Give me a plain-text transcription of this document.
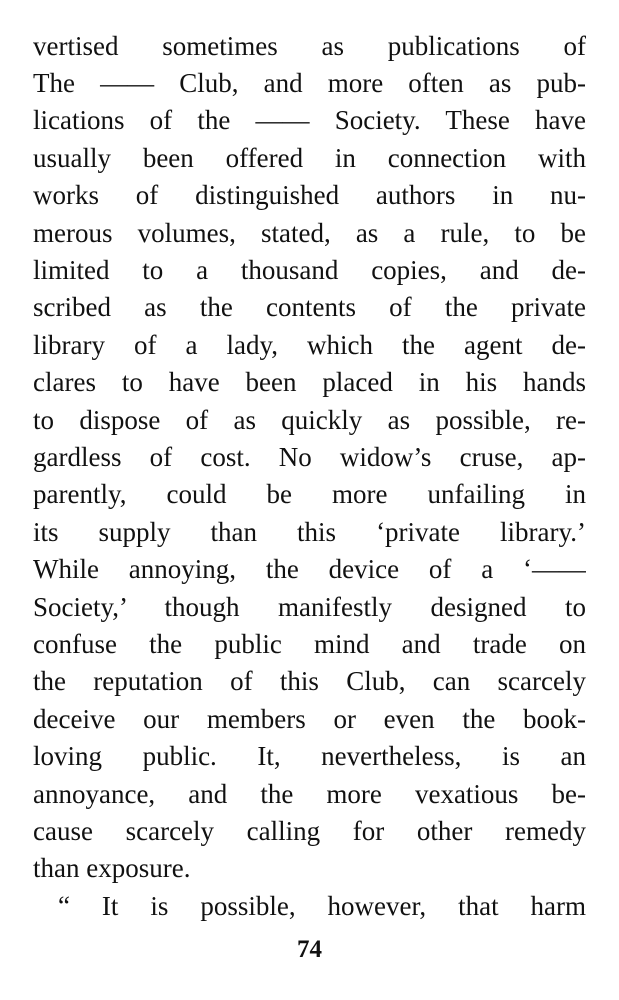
vertised sometimes as publications of
The —— Club, and more often as pub-
lications of the —— Society. These have
usually been offered in connection with
works of distinguished authors in nu-
merous volumes, stated, as a rule, to be
limited to a thousand copies, and de-
scribed as the contents of the private
library of a lady, which the agent de-
clares to have been placed in his hands
to dispose of as quickly as possible, re-
gardless of cost. No widow’s cruse, ap-
parently, could be more unfailing in
its supply than this ‘private library.’
While annoying, the device of a ‘——
Society,’ though manifestly designed to
confuse the public mind and trade on
the reputation of this Club, can scarcely
deceive our members or even the book-
loving public. It, nevertheless, is an
annoyance, and the more vexatious be-
cause scarcely calling for other remedy
than exposure.
“ It is possible, however, that harm
74
